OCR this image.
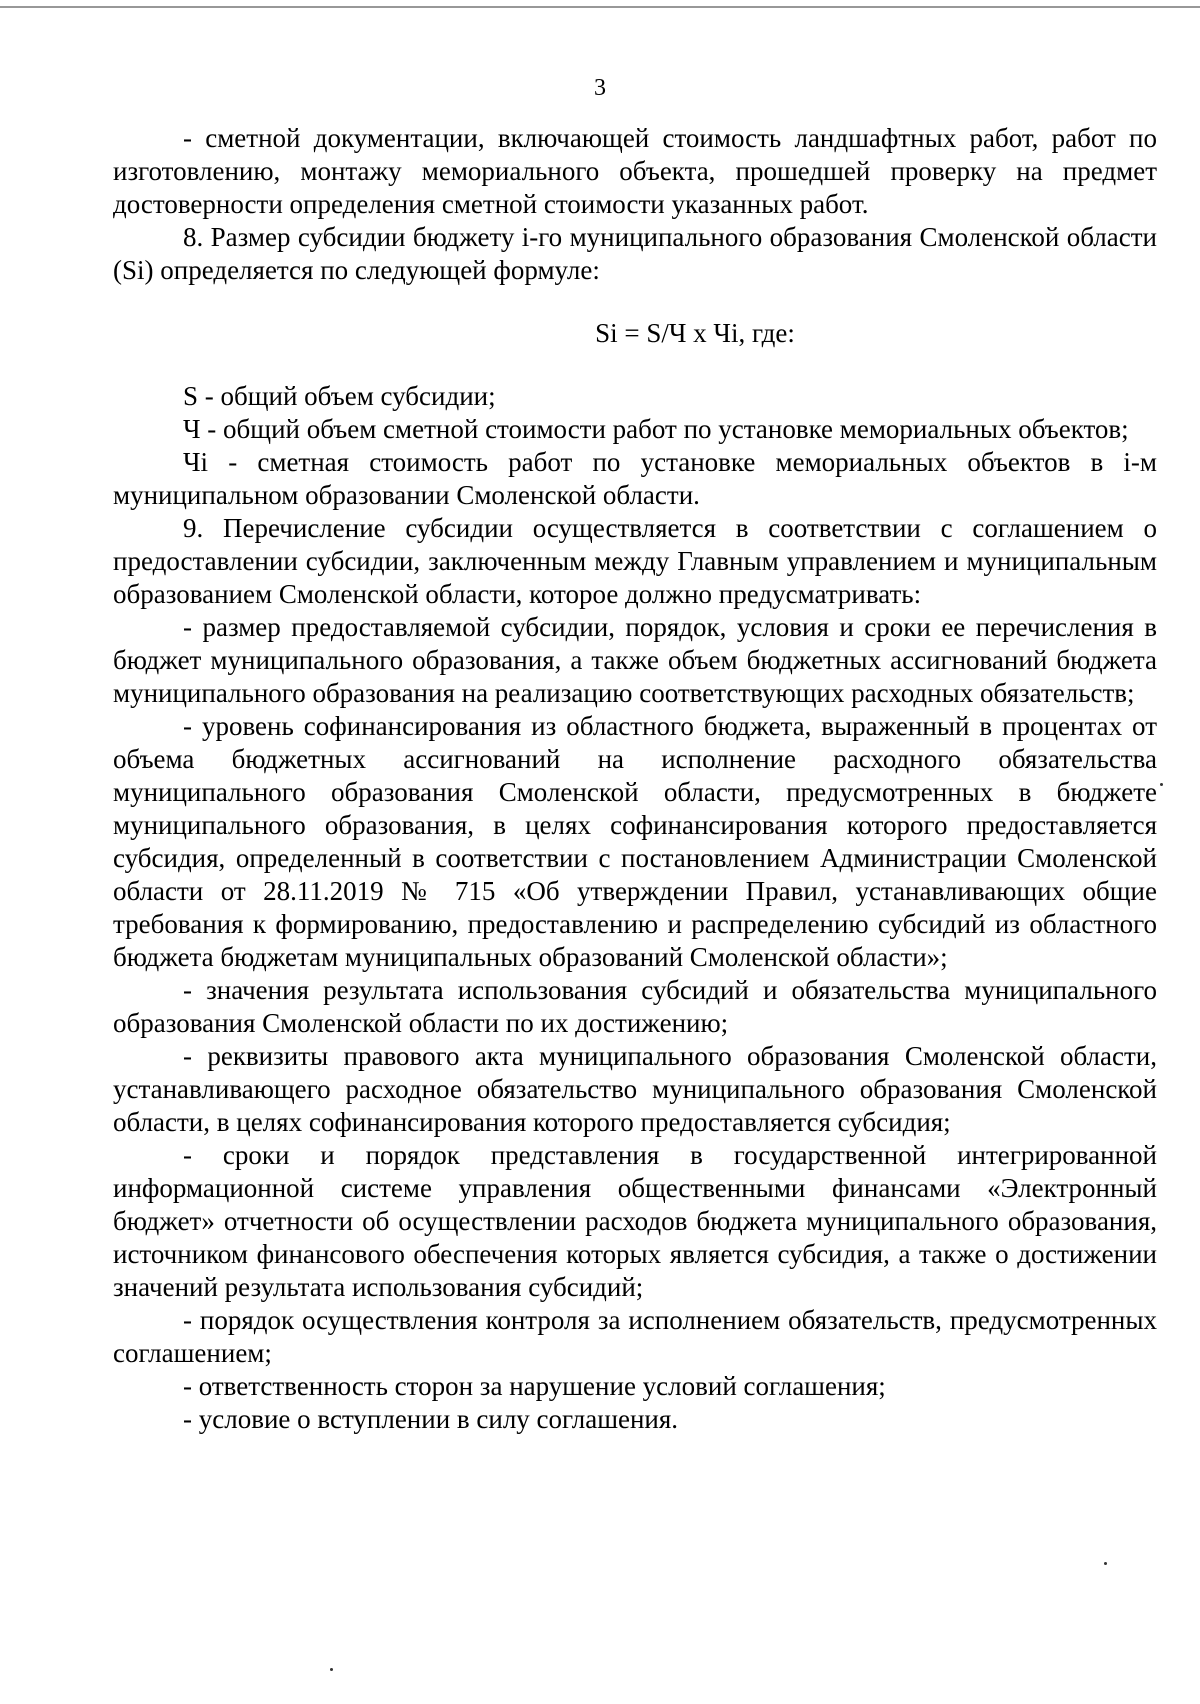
3

- сметной документации, включающей стоимость ландшафтных работ, работ по изготовлению, монтажу мемориального объекта, прошедшей проверку на предмет достоверности определения сметной стоимости указанных работ.

8. Размер субсидии бюджету i-го муниципального образования Смоленской области (Si) определяется по следующей формуле:

Si = S/Ч x Чi, где:

S - общий объем субсидии;

Ч - общий объем сметной стоимости работ по установке мемориальных объектов;

Чi - сметная стоимость работ по установке мемориальных объектов в i-м муниципальном образовании Смоленской области.

9. Перечисление субсидии осуществляется в соответствии с соглашением о предоставлении субсидии, заключенным между Главным управлением и муниципальным образованием Смоленской области, которое должно предусматривать:

- размер предоставляемой субсидии, порядок, условия и сроки ее перечисления в бюджет муниципального образования, а также объем бюджетных ассигнований бюджета муниципального образования на реализацию соответствующих расходных обязательств;

- уровень софинансирования из областного бюджета, выраженный в процентах от объема бюджетных ассигнований на исполнение расходного обязательства муниципального образования Смоленской области, предусмотренных в бюджете муниципального образования, в целях софинансирования которого предоставляется субсидия, определенный в соответствии с постановлением Администрации Смоленской области от 28.11.2019 № 715 «Об утверждении Правил, устанавливающих общие требования к формированию, предоставлению и распределению субсидий из областного бюджета бюджетам муниципальных образований Смоленской области»;

- значения результата использования субсидий и обязательства муниципального образования Смоленской области по их достижению;

- реквизиты правового акта муниципального образования Смоленской области, устанавливающего расходное обязательство муниципального образования Смоленской области, в целях софинансирования которого предоставляется субсидия;

- сроки и порядок представления в государственной интегрированной информационной системе управления общественными финансами «Электронный бюджет» отчетности об осуществлении расходов бюджета муниципального образования, источником финансового обеспечения которых является субсидия, а также о достижении значений результата использования субсидий;

- порядок осуществления контроля за исполнением обязательств, предусмотренных соглашением;

- ответственность сторон за нарушение условий соглашения;

- условие о вступлении в силу соглашения.
